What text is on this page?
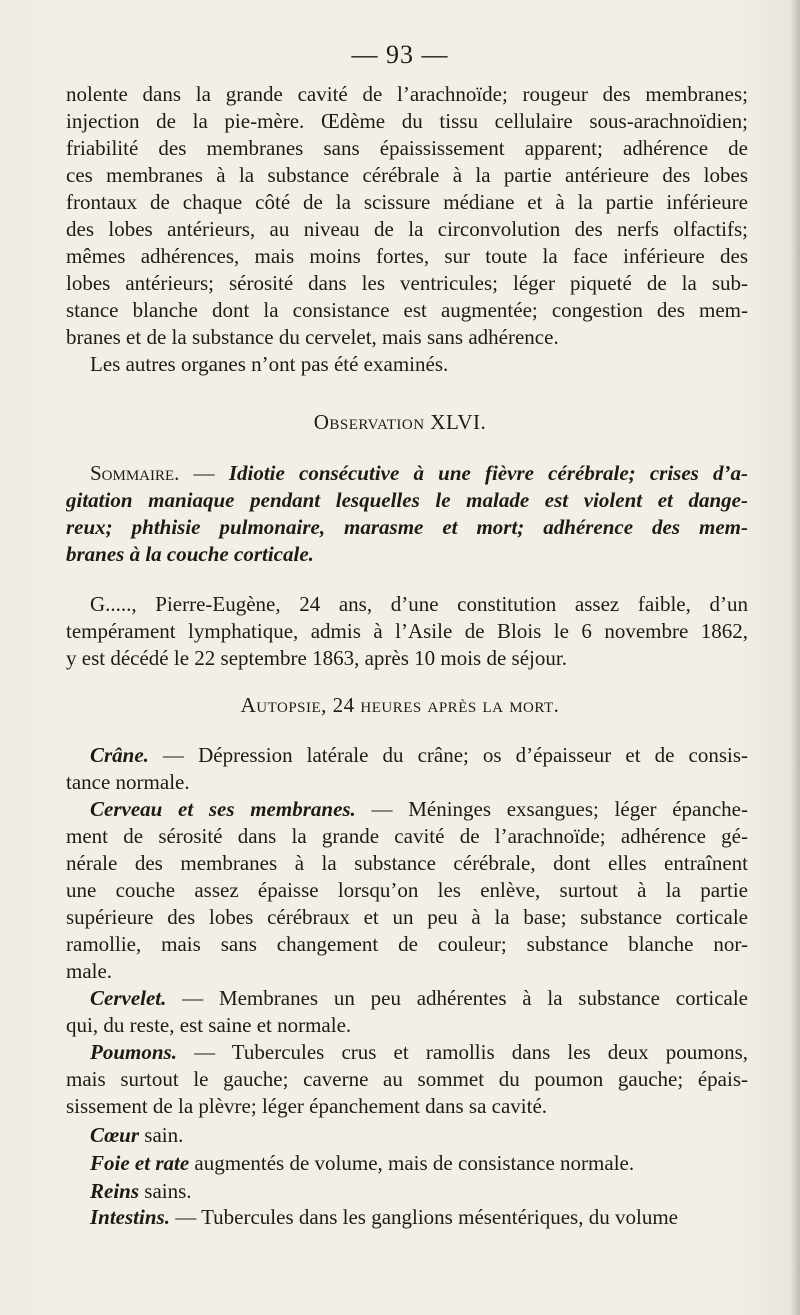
— 93 —

nolente dans la grande cavité de l’arachnoïde; rougeur des membranes;

injection de la pie-mère. Œdème du tissu cellulaire sous-arachnoïdien;

friabilité des membranes sans épaississement apparent; adhérence de

ces membranes à la substance cérébrale à la partie antérieure des lobes

frontaux de chaque côté de la scissure médiane et à la partie inférieure

des lobes antérieurs, au niveau de la circonvolution des nerfs olfactifs;

mêmes adhérences, mais moins fortes, sur toute la face inférieure des

lobes antérieurs; sérosité dans les ventricules; léger piqueté de la sub-

stance blanche dont la consistance est augmentée; congestion des mem-

branes et de la substance du cervelet, mais sans adhérence.

Les autres organes n’ont pas été examinés.

Observation XLVI.

Sommaire. — Idiotie consécutive à une fièvre cérébrale; crises d’a-

gitation maniaque pendant lesquelles le malade est violent et dange-

reux; phthisie pulmonaire, marasme et mort; adhérence des mem-

branes à la couche corticale.

G....., Pierre-Eugène, 24 ans, d’une constitution assez faible, d’un

tempérament lymphatique, admis à l’Asile de Blois le 6 novembre 1862,

y est décédé le 22 septembre 1863, après 10 mois de séjour.

Autopsie, 24 heures après la mort.

Crâne. — Dépression latérale du crâne; os d’épaisseur et de consis-

tance normale.

Cerveau et ses membranes. — Méninges exsangues; léger épanche-

ment de sérosité dans la grande cavité de l’arachnoïde; adhérence gé-

nérale des membranes à la substance cérébrale, dont elles entraînent

une couche assez épaisse lorsqu’on les enlève, surtout à la partie

supérieure des lobes cérébraux et un peu à la base; substance corticale

ramollie, mais sans changement de couleur; substance blanche nor-

male.

Cervelet. — Membranes un peu adhérentes à la substance corticale

qui, du reste, est saine et normale.

Poumons. — Tubercules crus et ramollis dans les deux poumons,

mais surtout le gauche; caverne au sommet du poumon gauche; épais-

sissement de la plèvre; léger épanchement dans sa cavité.

Cœur sain.

Foie et rate augmentés de volume, mais de consistance normale.

Reins sains.

Intestins. — Tubercules dans les ganglions mésentériques, du volume
